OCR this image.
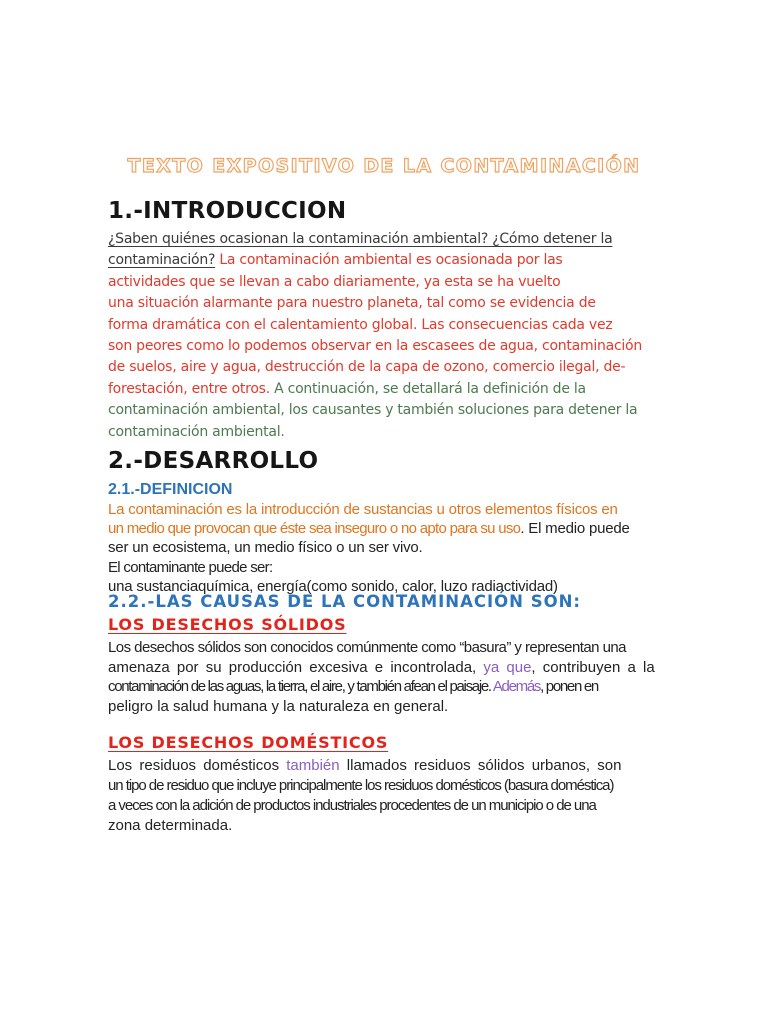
TEXTO EXPOSITIVO DE LA CONTAMINACIÓN
1.-INTRODUCCION
¿Saben quiénes ocasionan la contaminación ambiental? ¿Cómo detener la
contaminación? La contaminación ambiental es ocasionada por las
actividades que se llevan a cabo diariamente, ya esta se ha vuelto
una situación alarmante para nuestro planeta, tal como se evidencia de
forma dramática con el calentamiento global. Las consecuencias cada vez
son peores como lo podemos observar en la escasees de agua, contaminación
de suelos, aire y agua, destrucción de la capa de ozono, comercio ilegal, de-
forestación, entre otros. A continuación, se detallará la definición de la
contaminación ambiental, los causantes y también soluciones para detener la
contaminación ambiental.
2.-DESARROLLO
2.1.-DEFINICION
La contaminación es la introducción de sustancias u otros elementos físicos en
un medio que provocan que éste sea inseguro o no apto para su uso. El medio puede
ser un ecosistema, un medio físico o un ser vivo.
El contaminante puede ser:
una sustanciaquímica, energía(como sonido, calor, luzo radiactividad)
2.2.-LAS CAUSAS DE LA CONTAMINACIÓN SON:
LOS DESECHOS SÓLIDOS
Los desechos sólidos son conocidos comúnmente como “basura” y representan una
amenaza por su producción excesiva e incontrolada, ya que, contribuyen a la
contaminación de las aguas, la tierra, el aire, y también afean el paisaje. Además, ponen en
peligro la salud humana y la naturaleza en general.
LOS DESECHOS DOMÉSTICOS
Los residuos domésticos también llamados residuos sólidos urbanos, son
un tipo de residuo que incluye principalmente los residuos domésticos (basura doméstica)
a veces con la adición de productos industriales procedentes de un municipio o de una
zona determinada.
